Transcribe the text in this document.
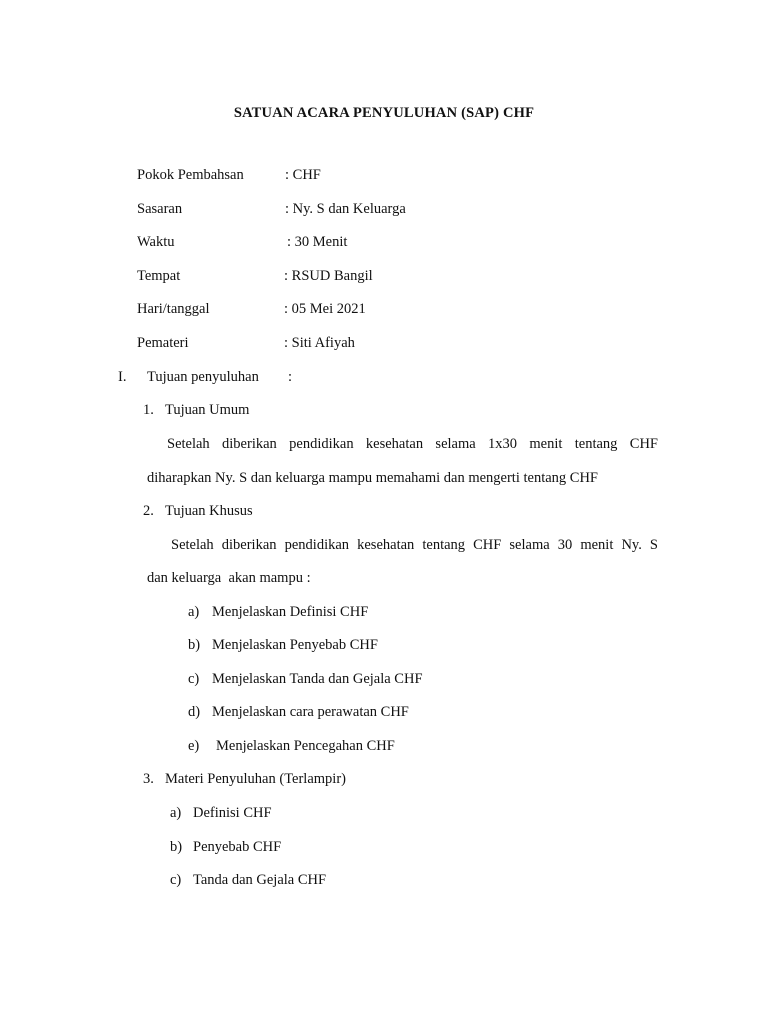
SATUAN ACARA PENYULUHAN (SAP) CHF
Pokok Pembahsan	: CHF
Sasaran	: Ny. S dan Keluarga
Waktu	: 30 Menit
Tempat	: RSUD Bangil
Hari/tanggal	: 05 Mei 2021
Pemateri	: Siti Afiyah
I. Tujuan penyuluhan :
1. Tujuan Umum
Setelah diberikan pendidikan kesehatan selama 1x30 menit tentang CHF
diharapkan Ny. S dan keluarga mampu memahami dan mengerti tentang CHF
2. Tujuan Khusus
Setelah diberikan pendidikan kesehatan tentang CHF selama 30 menit Ny. S
dan keluarga  akan mampu :
a) Menjelaskan Definisi CHF
b) Menjelaskan Penyebab CHF
c) Menjelaskan Tanda dan Gejala CHF
d) Menjelaskan cara perawatan CHF
e) Menjelaskan Pencegahan CHF
3. Materi Penyuluhan (Terlampir)
a) Definisi CHF
b) Penyebab CHF
c) Tanda dan Gejala CHF
